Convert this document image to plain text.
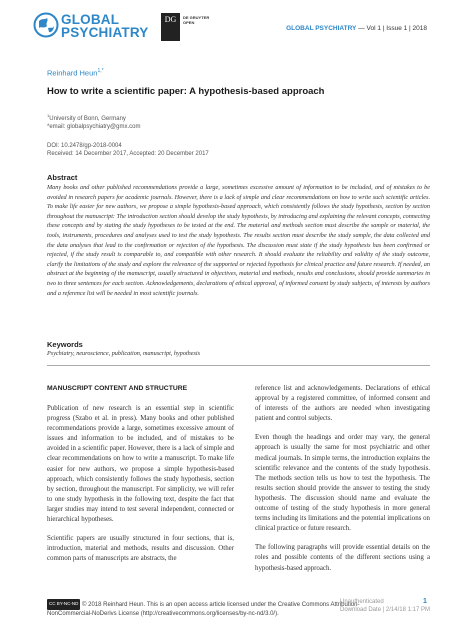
GLOBAL
PSYCHIATRY
DG	DE GRUYTER
OPEN
GLOBAL PSYCHIATRY — Vol 1 | Issue 1 | 2018
Reinhard Heun$^{1,*}$
How to write a scientific paper: A hypothesis-based approach
$^1$University of Bonn, Germany
*email: globalpsychiatry@gmx.com
DOI: 10.2478/gp-2018-0004
Received: 14 December 2017, Accepted: 20 December 2017
Abstract
Many books and other published recommendations provide a large, sometimes excessive amount of information to be included, and of mistakes to be avoided in research papers for academic journals. However, there is a lack of simple and clear recommendations on how to write such scientific articles. To make life easier for new authors, we propose a simple hypothesis-based approach, which consistently follows the study hypothesis, section by section throughout the manuscript: The introduction section should develop the study hypothesis, by introducing and explaining the relevant concepts, connecting these concepts and by stating the study hypotheses to be tested at the end. The material and methods section must describe the sample or material, the tools, instruments, procedures and analyses used to test the study hypothesis. The results section must describe the study sample, the data collected and the data analyses that lead to the confirmation or rejection of the hypothesis. The discussion must state if the study hypothesis has been confirmed or rejected, if the study result is comparable to, and compatible with other research. It should evaluate the reliability and validity of the study outcome, clarify the limitations of the study and explore the relevance of the supported or rejected hypothesis for clinical practice and future research. If needed, an abstract at the beginning of the manuscript, usually structured in objectives, material and methods, results and conclusions, should provide summaries in two to three sentences for each section. Acknowledgements, declarations of ethical approval, of informed consent by study subjects, of interests by authors and a reference list will be needed in most scientific journals.
Keywords
Psychiatry, neuroscience, publication, manuscript, hypothesis
MANUSCRIPT CONTENT AND STRUCTURE

Publication of new research is an essential step in scientific progress (Szabo et al. in press). Many books and other published recommendations provide a large, sometimes excessive amount of issues and information to be included, and of mistakes to be avoided in a scientific paper. However, there is a lack of simple and clear recommendations on how to write a manuscript. To make life easier for new authors, we propose a simple hypothesis-based approach, which consistently follows the study hypothesis, section by section, throughout the manuscript. For simplicity, we will refer to one study hypothesis in the following text, despite the fact that larger studies may intend to test several independent, connected or hierarchical hypotheses.

Scientific papers are usually structured in four sections, that is, introduction, material and methods, results and discussion. Other common parts of manuscripts are abstracts, the

reference list and acknowledgements. Declarations of ethical approval by a registered committee, of informed consent and of interests of the authors are needed when investigating patient and control subjects.

Even though the headings and order may vary, the general approach is usually the same for most psychiatric and other medical journals. In simple terms, the introduction explains the scientific relevance and the contents of the study hypothesis. The methods section tells us how to test the hypothesis. The results section should provide the answer to testing the study hypothesis. The discussion should name and evaluate the outcome of testing of the study hypothesis in more general terms including its limitations and the potential implications on clinical practice or future research.

The following paragraphs will provide essential details on the roles and possible contents of the different sections using a hypothesis-based approach.

CC BY-NC-ND © 2018 Reinhard Heun. This is an open access article licensed under the Creative Commons Attribution-
NonCommercial-NoDerivs License (http://creativecommons.org/licenses/by-nc-nd/3.0/).
Unauthenticated
Download Date | 2/14/18 1:17 PM
1
